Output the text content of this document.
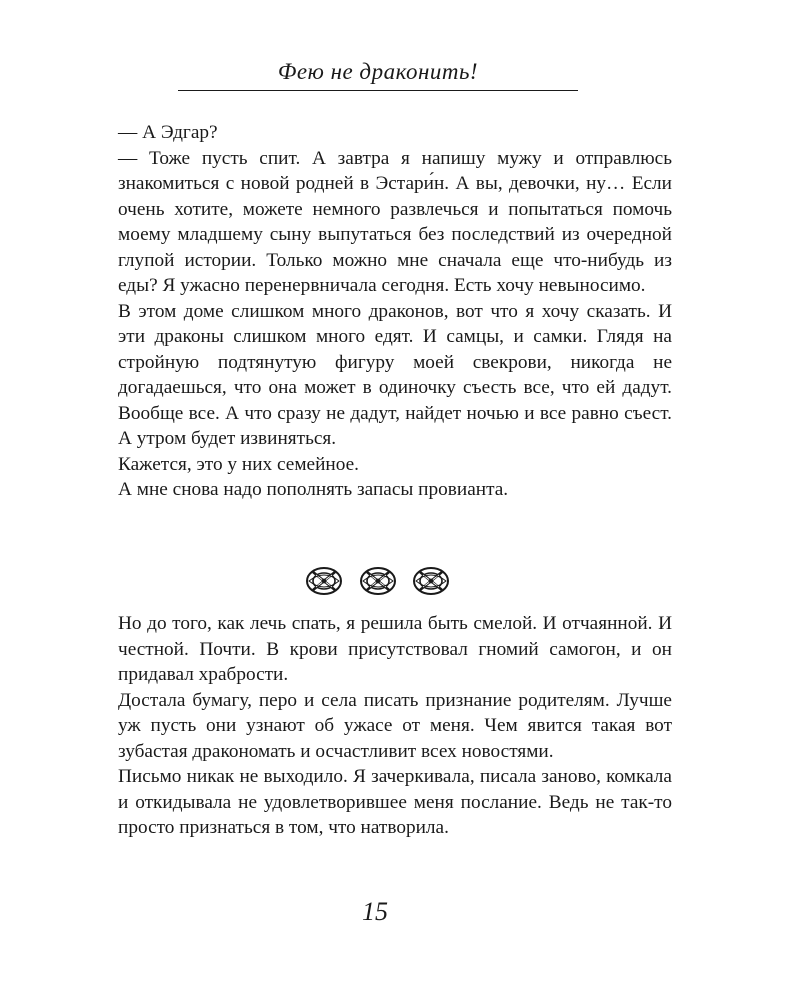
Фею не драконить!

— А Эдгар?

— Тоже пусть спит. А завтра я напишу мужу и отправлюсь знакомиться с новой родней в Эстари́н. А вы, девочки, ну… Если очень хотите, можете немного развлечься и попытаться помочь моему младшему сыну выпутаться без последствий из очередной глупой истории. Только можно мне сначала еще что-нибудь из еды? Я ужасно перенервничала сегодня. Есть хочу невыносимо.

В этом доме слишком много драконов, вот что я хочу сказать. И эти драконы слишком много едят. И самцы, и самки. Глядя на стройную подтянутую фигуру моей свекрови, никогда не догадаешься, что она может в одиночку съесть все, что ей дадут. Вообще все. А что сразу не дадут, найдет ночью и все равно съест. А утром будет извиняться.

Кажется, это у них семейное.

А мне снова надо пополнять запасы провианта.

Но до того, как лечь спать, я решила быть смелой. И отчаянной. И честной. Почти. В крови присутствовал гномий самогон, и он придавал храбрости.

Достала бумагу, перо и села писать признание родителям. Лучше уж пусть они узнают об ужасе от меня. Чем явится такая вот зубастая дракономать и осчастливит всех новостями.

Письмо никак не выходило. Я зачеркивала, писала заново, комкала и откидывала не удовлетворившее меня послание. Ведь не так-то просто признаться в том, что натворила.

15
